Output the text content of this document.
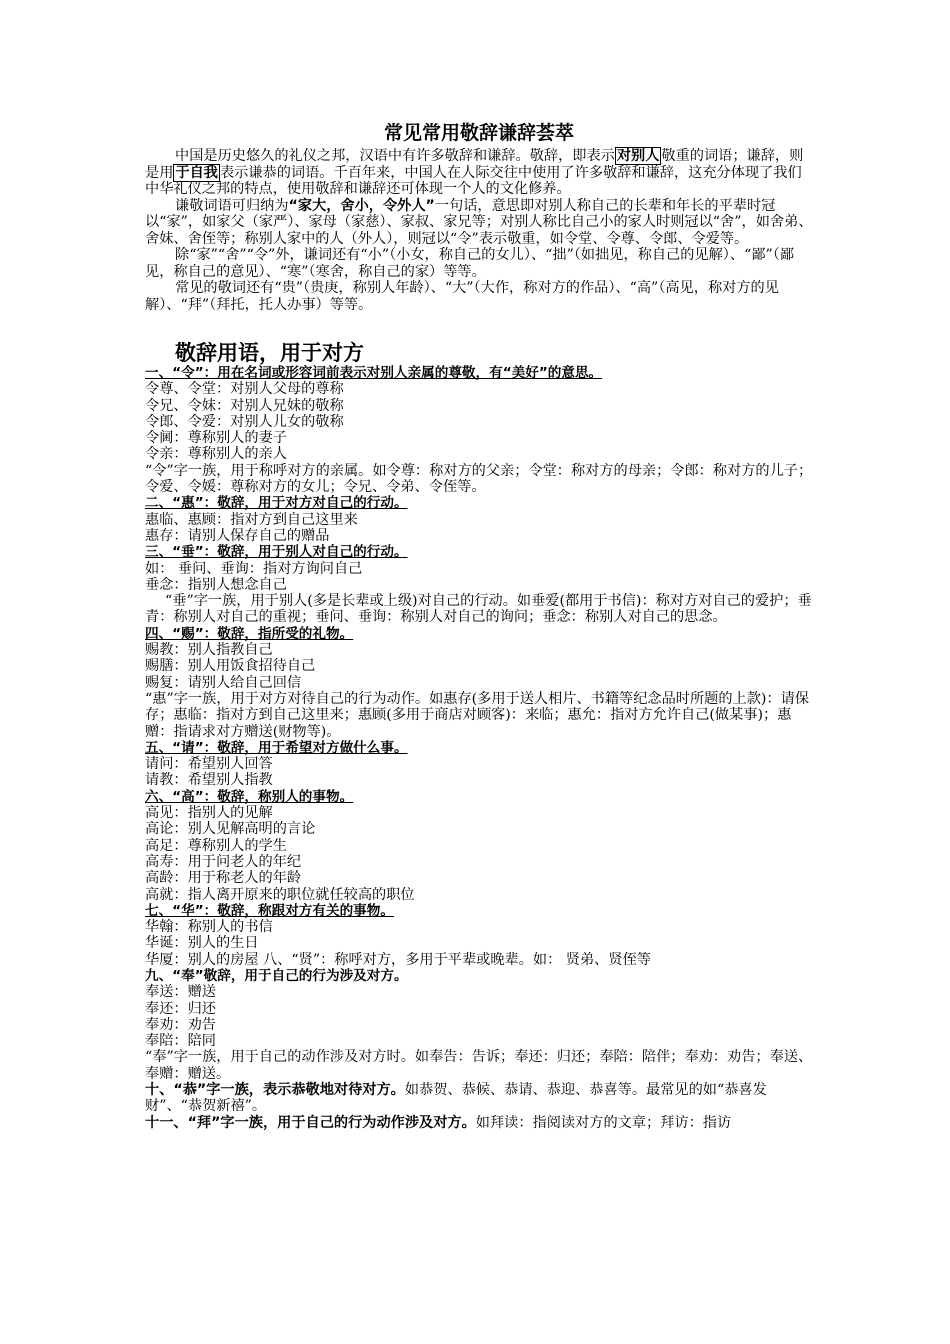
常见常用敬辞谦辞荟萃

中国是历史悠久的礼仪之邦，汉语中有许多敬辞和谦辞。敬辞，即表示 对别人 敬重的词语；谦辞，则是用 于自我 表示谦恭的词语。千百年来，中国人在人际交往中使用了许多敬辞和谦辞，这充分体现了我们中华礼仪之邦的特点，使用敬辞和谦辞还可体现一个人的文化修养。

谦敬词语可归纳为“家大，舍小，令外人”一句话，意思即对别人称自己的长辈和年长的平辈时冠以“家”，如家父（家严）、家母（家慈）、家叔、家兄等；对别人称比自己小的家人时则冠以“舍”，如舍弟、舍妹、舍侄等；称别人家中的人（外人），则冠以“令”表示敬重，如令堂、令尊、令郎、令爱等。

除“家”“舍”“令”外，谦词还有“小”（小女，称自己的女儿）、“拙”（如拙见，称自己的见解）、“鄙”（鄙见，称自己的意见）、“寒”（寒舍，称自己的家）等等。

常见的敬词还有“贵”（贵庚，称别人年龄）、“大”（大作，称对方的作品）、“高”（高见，称对方的见解）、“拜”（拜托，托人办事）等等。

敬辞用语，用于对方

一、“令”：用在名词或形容词前表示对别人亲属的尊敬，有“美好”的意思。

令尊、令堂：对别人父母的尊称

令兄、令妹：对别人兄妹的敬称

令郎、令爱：对别人儿女的敬称

令阃：尊称别人的妻子

令亲：尊称别人的亲人

“令”字一族，用于称呼对方的亲属。如令尊：称对方的父亲；令堂：称对方的母亲；令郎：称对方的儿子；令爱、令媛：尊称对方的女儿；令兄、令弟、令侄等。

二、“惠”：敬辞，用于对方对自己的行动。

惠临、惠顾：指对方到自己这里来

惠存：请别人保存自己的赠品

三、“垂”：敬辞，用于别人对自己的行动。

如： 垂问、垂询：指对方询问自己

垂念：指别人想念自己

“垂”字一族，用于别人(多是长辈或上级)对自己的行动。如垂爱(都用于书信)：称对方对自己的爱护；垂青：称别人对自己的重视；垂问、垂询：称别人对自己的询问；垂念：称别人对自己的思念。

四、“赐”：敬辞，指所受的礼物。

赐教：别人指教自己

赐膳：别人用饭食招待自己

赐复：请别人给自己回信

“惠”字一族，用于对方对待自己的行为动作。如惠存(多用于送人相片、书籍等纪念品时所题的上款)：请保存；惠临：指对方到自己这里来；惠顾(多用于商店对顾客)：来临；惠允：指对方允许自己(做某事)；惠赠：指请求对方赠送(财物等)。

五、“请”：敬辞，用于希望对方做什么事。

请问：希望别人回答

请教：希望别人指教

六、“高”：敬辞，称别人的事物。

高见：指别人的见解

高论：别人见解高明的言论

高足：尊称别人的学生

高寿：用于问老人的年纪

高龄：用于称老人的年龄

高就：指人离开原来的职位就任较高的职位

七、“华”：敬辞，称跟对方有关的事物。

华翰：称别人的书信

华诞：别人的生日

华厦：别人的房屋 八、“贤”：称呼对方，多用于平辈或晚辈。如： 贤弟、贤侄等

九、“奉”敬辞，用于自己的行为涉及对方。

奉送：赠送

奉还：归还

奉劝：劝告

奉陪：陪同

“奉”字一族，用于自己的动作涉及对方时。如奉告：告诉；奉还：归还；奉陪：陪伴；奉劝：劝告；奉送、奉赠：赠送。

十、“恭”字一族，表示恭敬地对待对方。如恭贺、恭候、恭请、恭迎、恭喜等。最常见的如“恭喜发财”、“恭贺新禧”。

十一、“拜”字一族，用于自己的行为动作涉及对方。如拜读：指阅读对方的文章；拜访：指访
